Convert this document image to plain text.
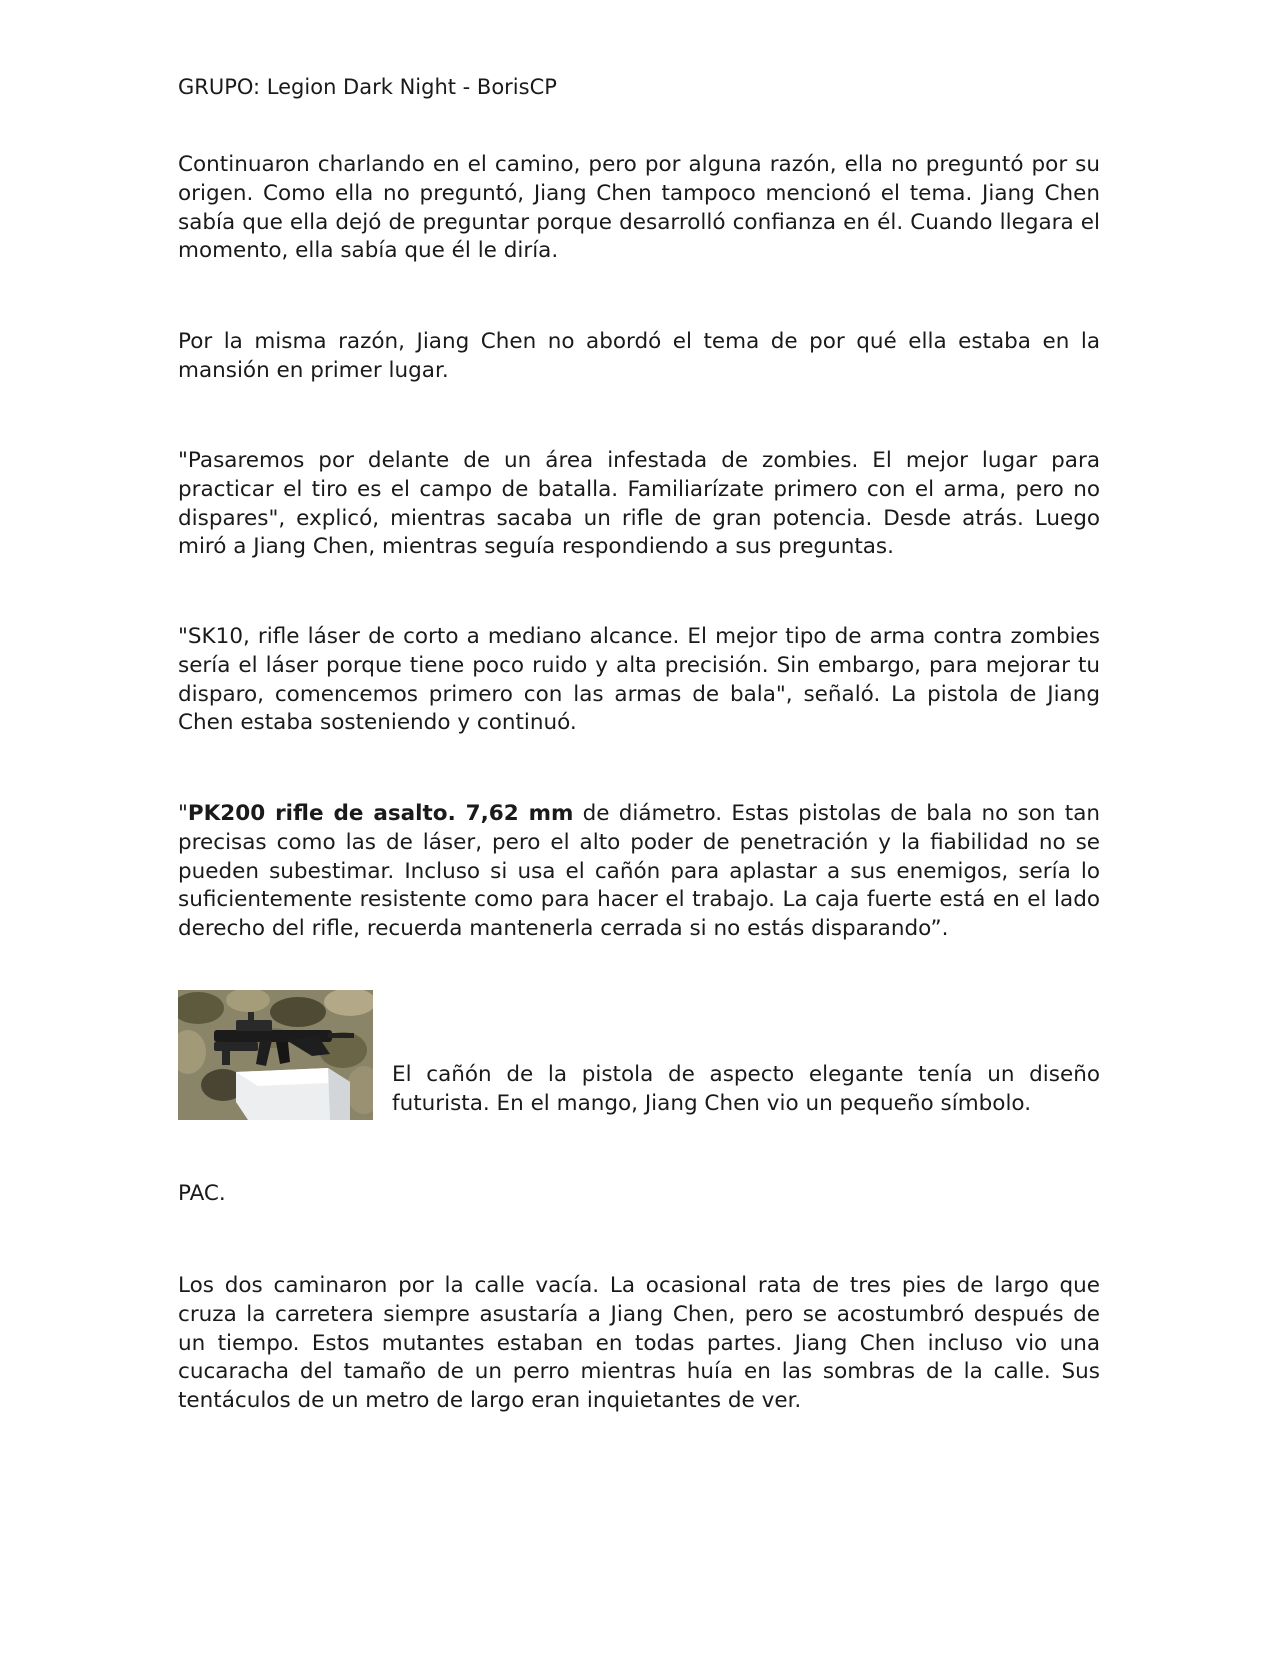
GRUPO: Legion Dark Night - BorisCP

Continuaron charlando en el camino, pero por alguna razón, ella no preguntó por su origen. Como ella no preguntó, Jiang Chen tampoco mencionó el tema. Jiang Chen sabía que ella dejó de preguntar porque desarrolló confianza en él. Cuando llegara el momento, ella sabía que él le diría.

Por la misma razón, Jiang Chen no abordó el tema de por qué ella estaba en la mansión en primer lugar.

"Pasaremos por delante de un área infestada de zombies. El mejor lugar para practicar el tiro es el campo de batalla. Familiarízate primero con el arma, pero no dispares", explicó, mientras sacaba un rifle de gran potencia. Desde atrás. Luego miró a Jiang Chen, mientras seguía respondiendo a sus preguntas.

"SK10, rifle láser de corto a mediano alcance. El mejor tipo de arma contra zombies sería el láser porque tiene poco ruido y alta precisión. Sin embargo, para mejorar tu disparo, comencemos primero con las armas de bala", señaló. La pistola de Jiang Chen estaba sosteniendo y continuó.

"PK200 rifle de asalto. 7,62 mm de diámetro. Estas pistolas de bala no son tan precisas como las de láser, pero el alto poder de penetración y la fiabilidad no se pueden subestimar. Incluso si usa el cañón para aplastar a sus enemigos, sería lo suficientemente resistente como para hacer el trabajo. La caja fuerte está en el lado derecho del rifle, recuerda mantenerla cerrada si no estás disparando”.

El cañón de la pistola de aspecto elegante tenía un diseño futurista. En el mango, Jiang Chen vio un pequeño símbolo.

PAC.

Los dos caminaron por la calle vacía. La ocasional rata de tres pies de largo que cruza la carretera siempre asustaría a Jiang Chen, pero se acostumbró después de un tiempo. Estos mutantes estaban en todas partes. Jiang Chen incluso vio una cucaracha del tamaño de un perro mientras huía en las sombras de la calle. Sus tentáculos de un metro de largo eran inquietantes de ver.
